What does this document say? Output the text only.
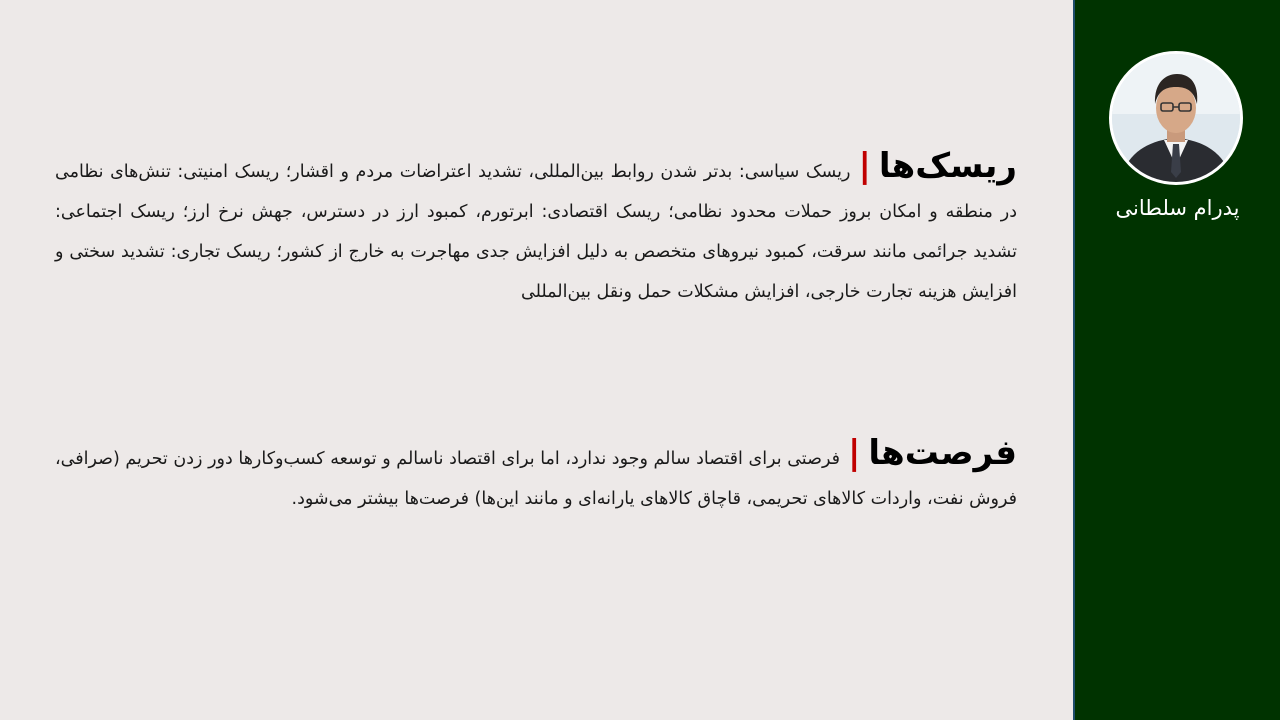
ریسک‌ها|ریسک سیاسی: بدتر شدن روابط بین‌المللی، تشدید اعتراضات مردم و اقشار؛ ریسک امنیتی: تنش‌های نظامی در منطقه و امکان بروز حملات محدود نظامی؛ ریسک اقتصادی: ابرتورم، کمبود ارز در دسترس، جهش نرخ ارز؛ ریسک اجتماعی: تشدید جرائمی مانند سرقت، کمبود نیروهای متخصص به دلیل افزایش جدی مهاجرت به خارج از کشور؛ ریسک تجاری: تشدید سختی و افزایش هزینه تجارت خارجی، افزایش مشکلات حمل ونقل بین‌المللی
فرصت‌ها|فرصتی برای اقتصاد سالم وجود ندارد، اما برای اقتصاد ناسالم و توسعه کسب‌وکارها دور زدن تحریم (صرافی، فروش نفت، واردات کالاهای تحریمی، قاچاق کالاهای یارانه‌ای و مانند این‌ها) فرصت‌ها بیشتر می‌شود.
پدرام سلطانی
